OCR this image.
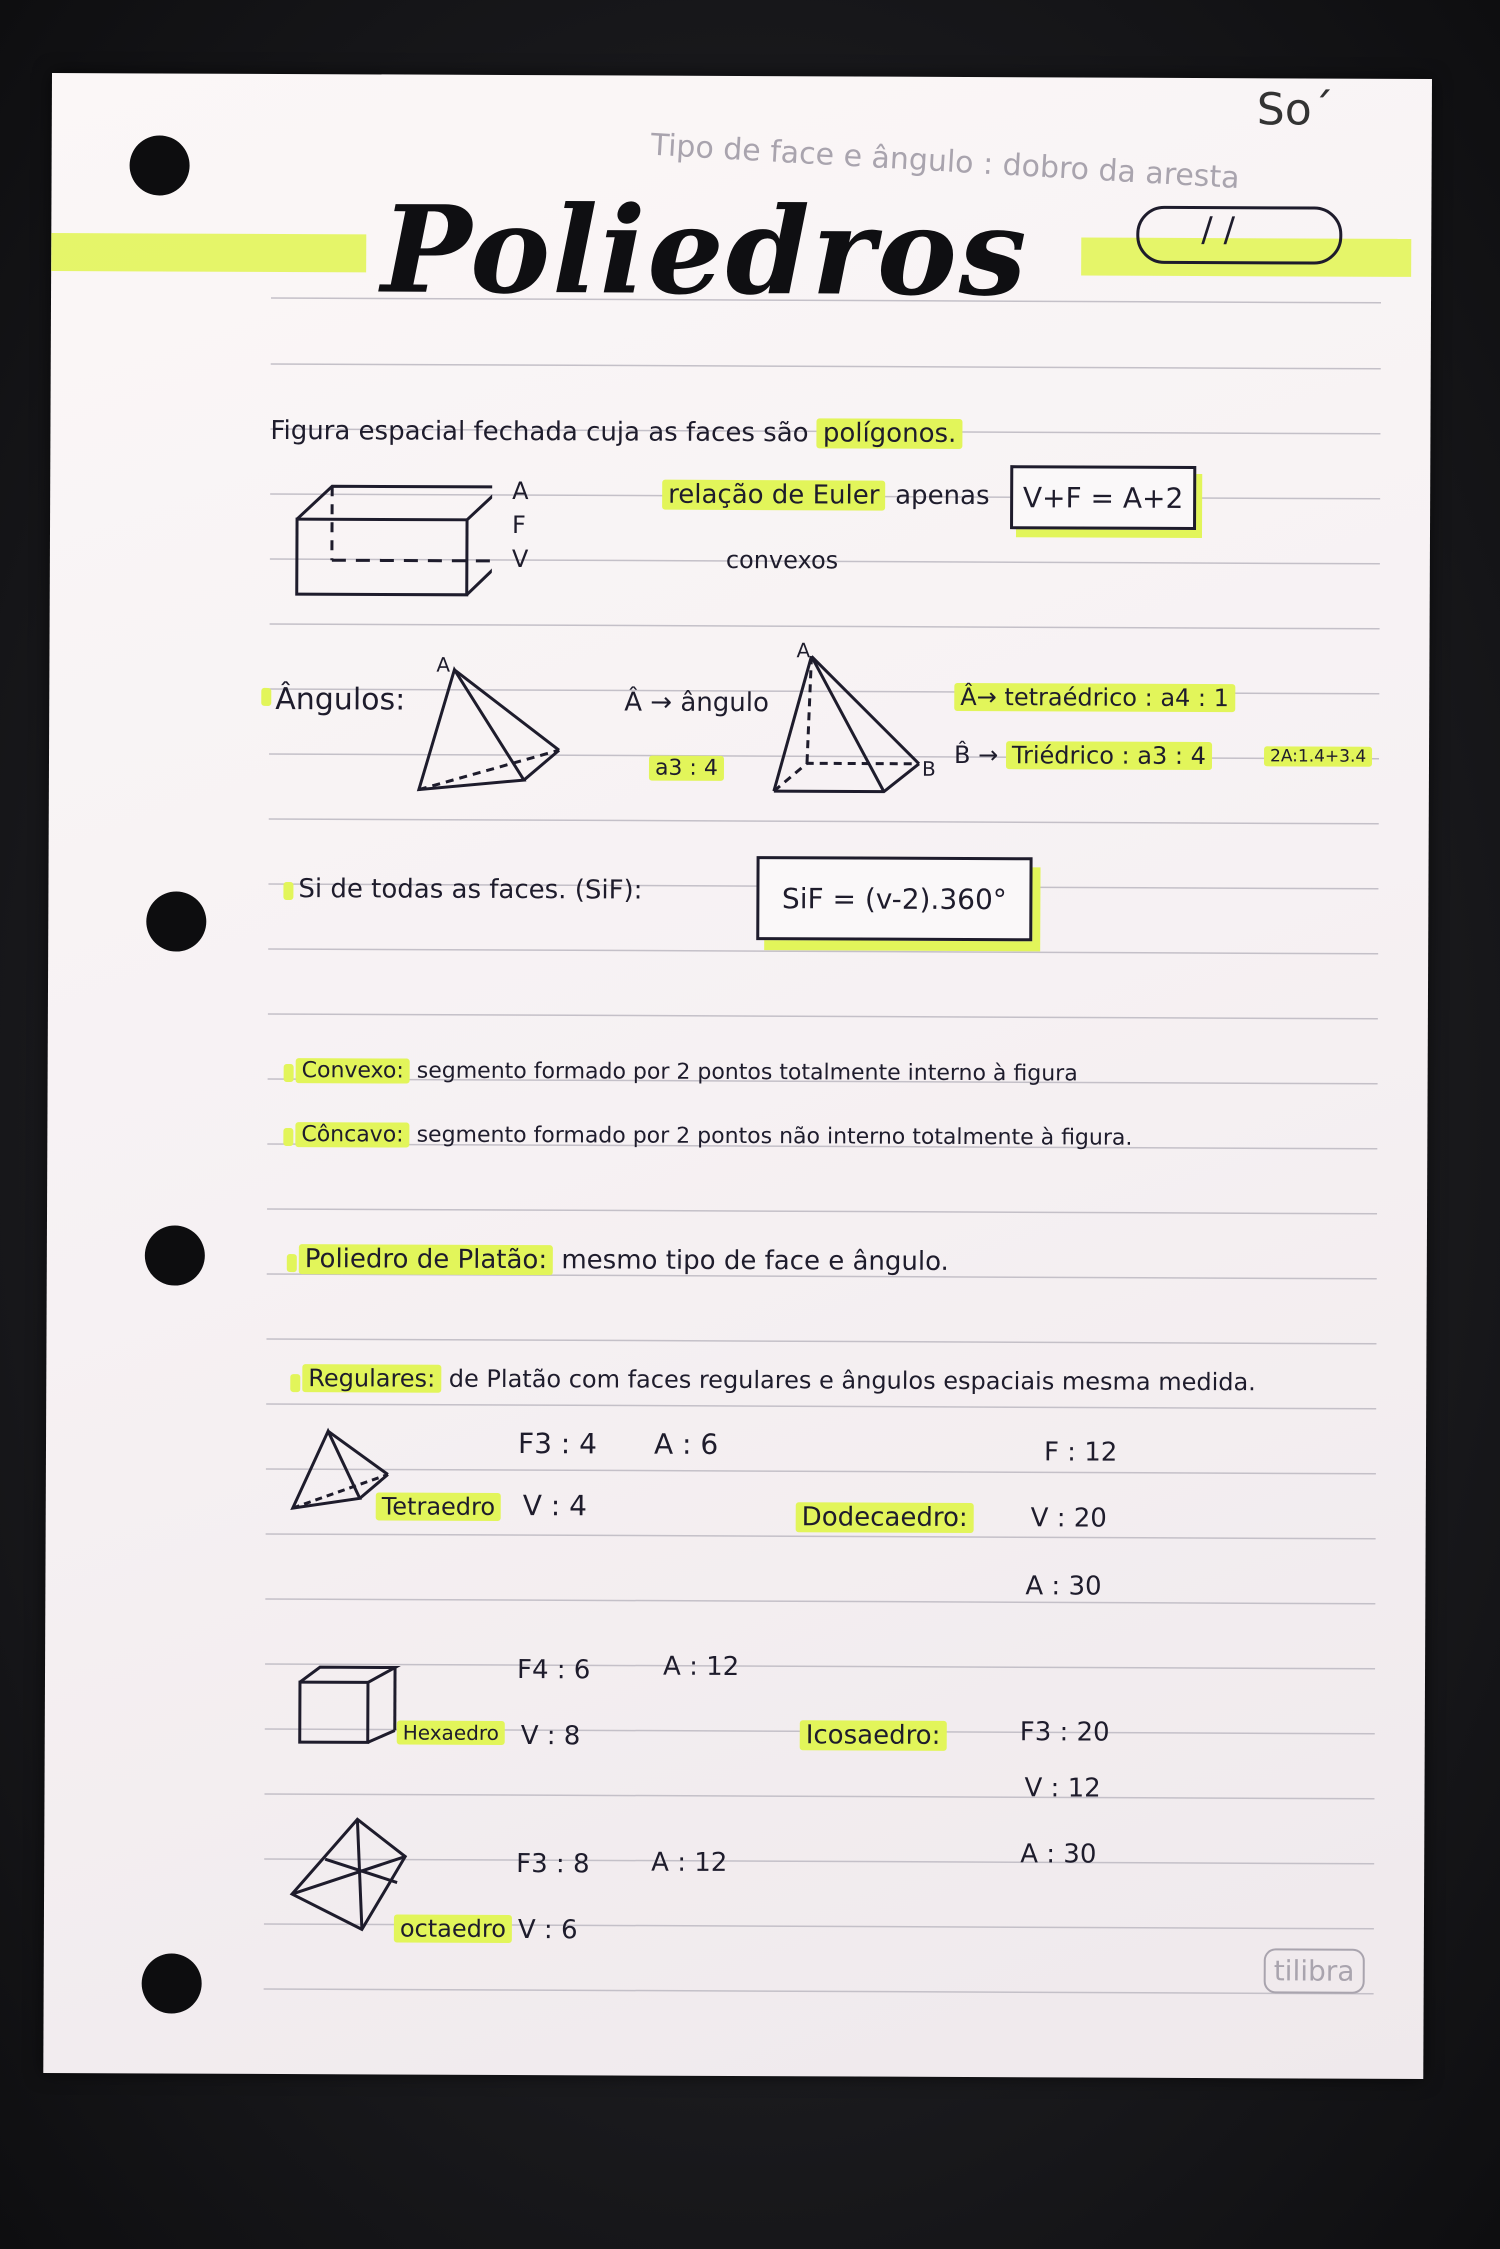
So´
Tipo de face e ângulo : dobro da aresta
Poliedros	/ /
Figura espacial fechada cuja as faces são polígonos.
A
F
V
relação de Euler apenas
convexos
V+F = A+2
Ângulos:
A
Â → ângulo
a3 : 4
A
B
Â→ tetraédrico : a4 : 1
B̂ → Triédrico : a3 : 4	2A:1.4+3.4
Si de todas as faces. (SiF):	SiF = (v-2).360°
Convexo: segmento formado por 2 pontos totalmente interno à figura
Côncavo: segmento formado por 2 pontos não interno totalmente à figura.
Poliedro de Platão: mesmo tipo de face e ângulo.
Regulares: de Platão com faces regulares e ângulos espaciais mesma medida.
Tetraedro
F3 : 4 A : 6
V : 4
Hexaedro
F4 : 6	A : 12
V : 8
octaedro
F3 : 8 A : 12
V : 6
F : 12
Dodecaedro: V : 20
A : 30
Icosaedro:	F3 : 20
V : 12
A : 30
tilibra
